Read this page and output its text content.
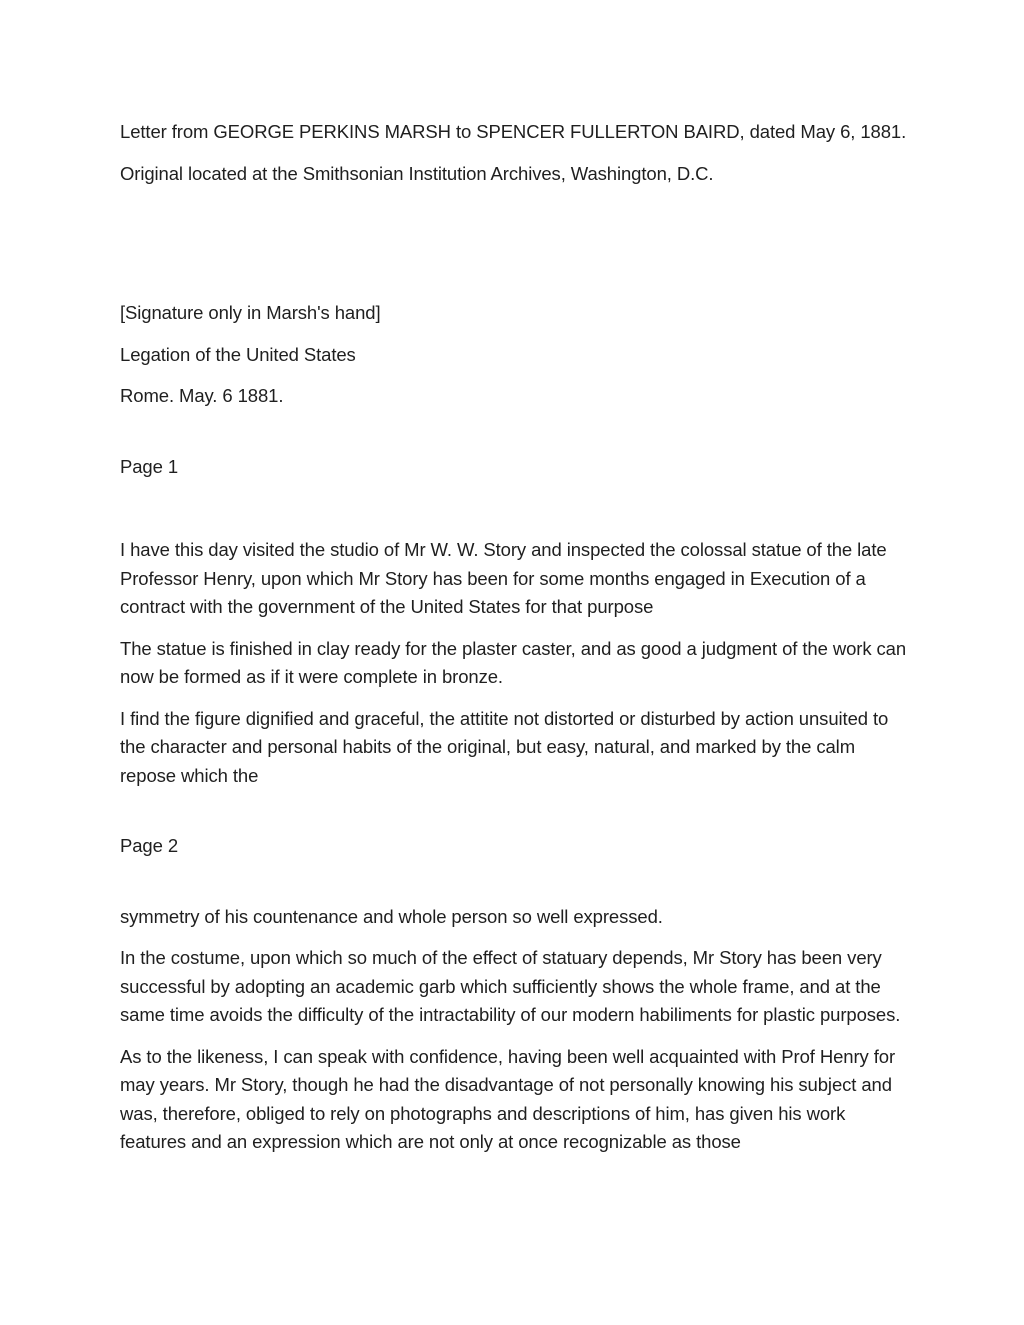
Letter from GEORGE PERKINS MARSH to SPENCER FULLERTON BAIRD, dated May 6, 1881.

Original located at the Smithsonian Institution Archives, Washington, D.C.

[Signature only in Marsh's hand]

Legation of the United States

Rome. May. 6 1881.

Page 1

I have this day visited the studio of Mr W. W. Story and inspected the colossal statue of the late Professor Henry, upon which Mr Story has been for some months engaged in Execution of a contract with the government of the United States for that purpose

The statue is finished in clay ready for the plaster caster, and as good a judgment of the work can now be formed as if it were complete in bronze.

I find the figure dignified and graceful, the attitite not distorted or disturbed by action unsuited to the character and personal habits of the original, but easy, natural, and marked by the calm repose which the

Page 2

symmetry of his countenance and whole person so well expressed.

In the costume, upon which so much of the effect of statuary depends, Mr Story has been very successful by adopting an academic garb which sufficiently shows the whole frame, and at the same time avoids the difficulty of the intractability of our modern habiliments for plastic purposes.

As to the likeness, I can speak with confidence, having been well acquainted with Prof Henry for may years. Mr Story, though he had the disadvantage of not personally knowing his subject and was, therefore, obliged to rely on photographs and descriptions of him, has given his work features and an expression which are not only at once recognizable as those
